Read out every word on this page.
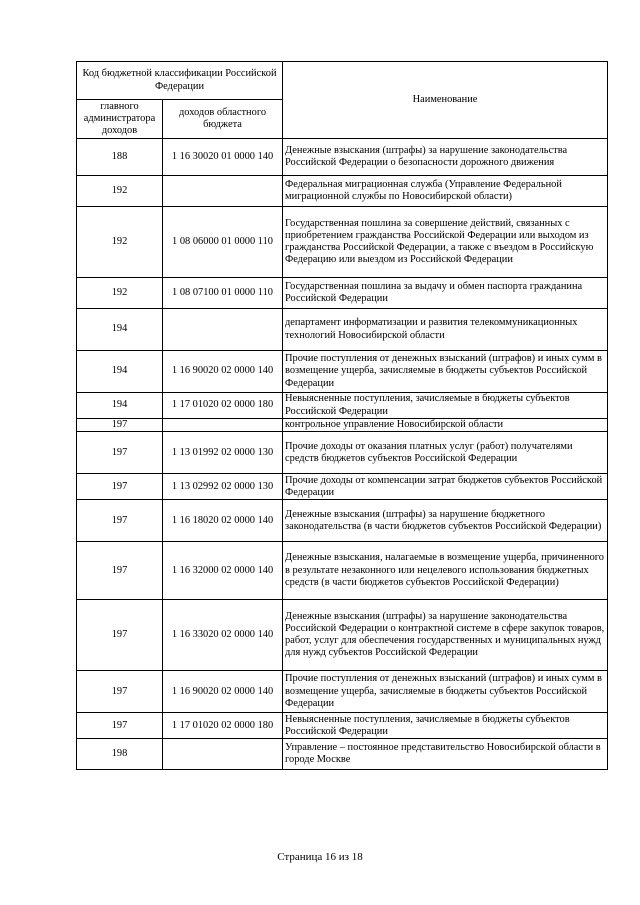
Код бюджетной классификации Российской Федерации		Наименование
главного администратора доходов	доходов областного бюджета	
188	1 16 30020 01 0000 140	Денежные взыскания (штрафы) за нарушение законодательства Российской Федерации о безопасности дорожного движения
192		Федеральная миграционная служба (Управление Федеральной миграционной службы по Новосибирской области)
192	1 08 06000 01 0000 110	Государственная пошлина за совершение действий, связанных с приобретением гражданства Российской Федерации или выходом из гражданства Российской Федерации, а также с въездом в Российскую Федерацию или выездом из Российской Федерации
192	1 08 07100 01 0000 110	Государственная пошлина за выдачу и обмен паспорта гражданина Российской Федерации
194		департамент информатизации и развития телекоммуникационных технологий Новосибирской области
194	1 16 90020 02 0000 140	Прочие поступления от денежных взысканий (штрафов) и иных сумм в возмещение ущерба, зачисляемые в бюджеты субъектов Российской Федерации
194	1 17 01020 02 0000 180	Невыясненные поступления, зачисляемые в бюджеты субъектов Российской Федерации
197		контрольное управление Новосибирской области
197	1 13 01992 02 0000 130	Прочие доходы от оказания платных услуг (работ) получателями средств бюджетов субъектов Российской Федерации
197	1 13 02992 02 0000 130	Прочие доходы от компенсации затрат бюджетов субъектов Российской Федерации
197	1 16 18020 02 0000 140	Денежные взыскания (штрафы) за нарушение бюджетного законодательства (в части бюджетов субъектов Российской Федерации)
197	1 16 32000 02 0000 140	Денежные взыскания, налагаемые в возмещение ущерба, причиненного в результате незаконного или нецелевого использования бюджетных средств (в части бюджетов субъектов Российской Федерации)
197	1 16 33020 02 0000 140	Денежные взыскания (штрафы) за нарушение законодательства Российской Федерации о контрактной системе в сфере закупок товаров, работ, услуг для обеспечения государственных и муниципальных нужд для нужд субъектов Российской Федерации
197	1 16 90020 02 0000 140	Прочие поступления от денежных взысканий (штрафов) и иных сумм в возмещение ущерба, зачисляемые в бюджеты субъектов Российской Федерации
197	1 17 01020 02 0000 180	Невыясненные поступления, зачисляемые в бюджеты субъектов Российской Федерации
198		Управление – постоянное представительство Новосибирской области в городе Москве
Страница 16 из 18
